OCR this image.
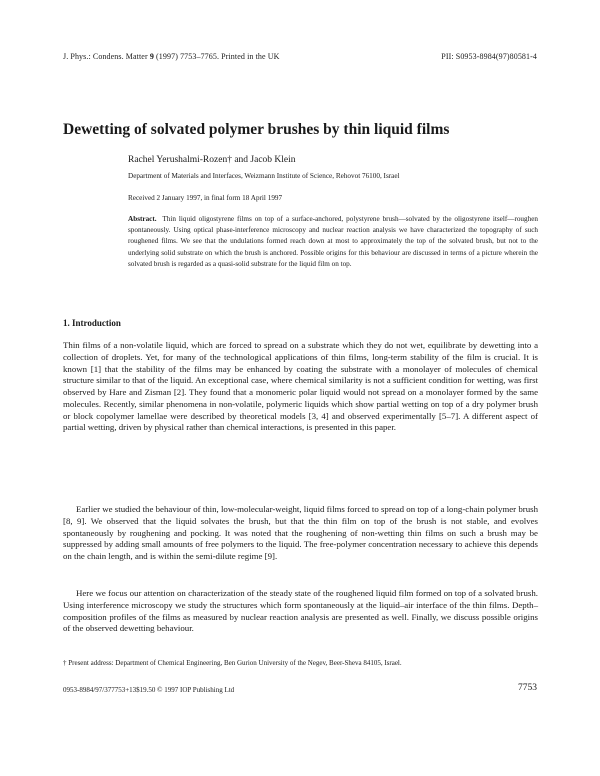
J. Phys.: Condens. Matter 9 (1997) 7753–7765. Printed in the UK	PII: S0953-8984(97)80581-4
Dewetting of solvated polymer brushes by thin liquid films
Rachel Yerushalmi-Rozen† and Jacob Klein
Department of Materials and Interfaces, Weizmann Institute of Science, Rehovot 76100, Israel
Received 2 January 1997, in final form 18 April 1997
Abstract. Thin liquid oligostyrene films on top of a surface-anchored, polystyrene brush—solvated by the oligostyrene itself—roughen spontaneously. Using optical phase-interference microscopy and nuclear reaction analysis we have characterized the topography of such roughened films. We see that the undulations formed reach down at most to approximately the top of the solvated brush, but not to the underlying solid substrate on which the brush is anchored. Possible origins for this behaviour are discussed in terms of a picture wherein the solvated brush is regarded as a quasi-solid substrate for the liquid film on top.
1. Introduction
Thin films of a non-volatile liquid, which are forced to spread on a substrate which they do not wet, equilibrate by dewetting into a collection of droplets. Yet, for many of the technological applications of thin films, long-term stability of the film is crucial. It is known [1] that the stability of the films may be enhanced by coating the substrate with a monolayer of molecules of chemical structure similar to that of the liquid. An exceptional case, where chemical similarity is not a sufficient condition for wetting, was first observed by Hare and Zisman [2]. They found that a monomeric polar liquid would not spread on a monolayer formed by the same molecules. Recently, similar phenomena in non-volatile, polymeric liquids which show partial wetting on top of a dry polymer brush or block copolymer lamellae were described by theoretical models [3, 4] and observed experimentally [5–7]. A different aspect of partial wetting, driven by physical rather than chemical interactions, is presented in this paper.
Earlier we studied the behaviour of thin, low-molecular-weight, liquid films forced to spread on top of a long-chain polymer brush [8, 9]. We observed that the liquid solvates the brush, but that the thin film on top of the brush is not stable, and evolves spontaneously by roughening and pocking. It was noted that the roughening of non-wetting thin films on such a brush may be suppressed by adding small amounts of free polymers to the liquid. The free-polymer concentration necessary to achieve this depends on the chain length, and is within the semi-dilute regime [9].
Here we focus our attention on characterization of the steady state of the roughened liquid film formed on top of a solvated brush. Using interference microscopy we study the structures which form spontaneously at the liquid–air interface of the thin films. Depth–composition profiles of the films as measured by nuclear reaction analysis are presented as well. Finally, we discuss possible origins of the observed dewetting behaviour.
† Present address: Department of Chemical Engineering, Ben Gurion University of the Negev, Beer-Sheva 84105, Israel.
0953-8984/97/377753+13$19.50 © 1997 IOP Publishing Ltd	7753
